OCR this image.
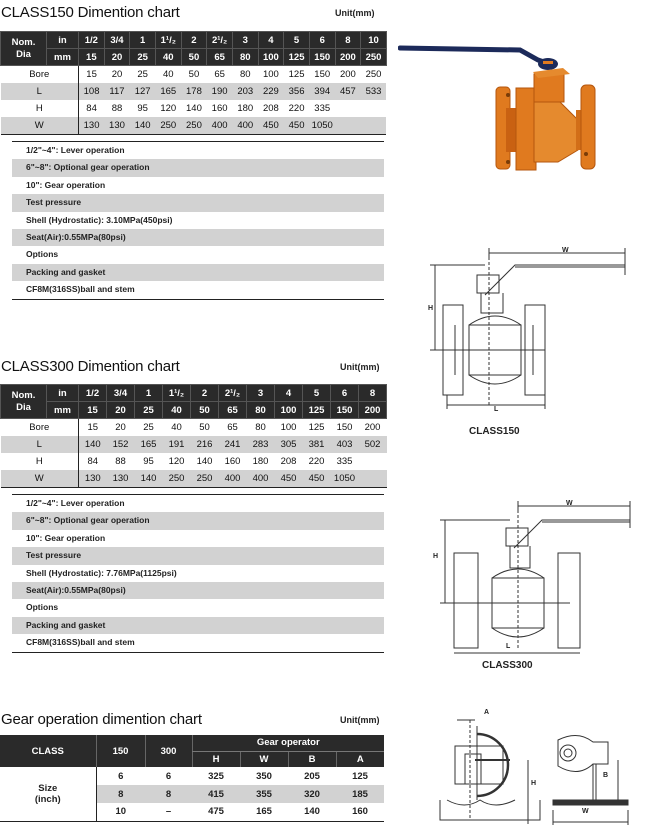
CLASS150 Dimention chart	Unit(mm)
Nom.
Dia	in	1/2	3/4	1	1¹/₂	2	2¹/₂	3	4	5	6	8	10
	mm	15	20	25	40	50	65	80	100	125	150	200	250
Bore		15	20	25	40	50	65	80	100	125	150	200	250
L		108	117	127	165	178	190	203	229	356	394	457	533
H		84	88	95	120	140	160	180	208	220	335		
W		130	130	140	250	250	400	400	450	450	1050		
1/2"~4": Lever operation
6"~8": Optional gear operation
10": Gear operation
Test pressure
Shell (Hydrostatic): 3.10MPa(450psi)
Seat(Air):0.55MPa(80psi)
Options
Packing and gasket
CF8M(316SS)ball and stem
CLASS300 Dimention chart	Unit(mm)
Nom.
Dia	in	1/2	3/4	1	1¹/₂	2	2¹/₂	3	4	5	6	8
	mm	15	20	25	40	50	65	80	100	125	150	200
Bore		15	20	25	40	50	65	80	100	125	150	200
L		140	152	165	191	216	241	283	305	381	403	502
H		84	88	95	120	140	160	180	208	220	335	
W		130	130	140	250	250	400	400	450	450	1050	
1/2"~4": Lever operation
6"~8": Optional gear operation
10": Gear operation
Test pressure
Shell (Hydrostatic): 7.76MPa(1125psi)
Seat(Air):0.55MPa(80psi)
Options
Packing and gasket
CF8M(316SS)ball and stem
Gear operation dimention chart	Unit(mm)
CLASS	150	300	Gear operator			
			H	W	B	A
Size
(inch)	6	6	325	350	205	125
	8	8	415	355	320	185
	10	–	475	165	140	160
W
H
L
CLASS150
W
H
L
CLASS300
A
H
B
W
